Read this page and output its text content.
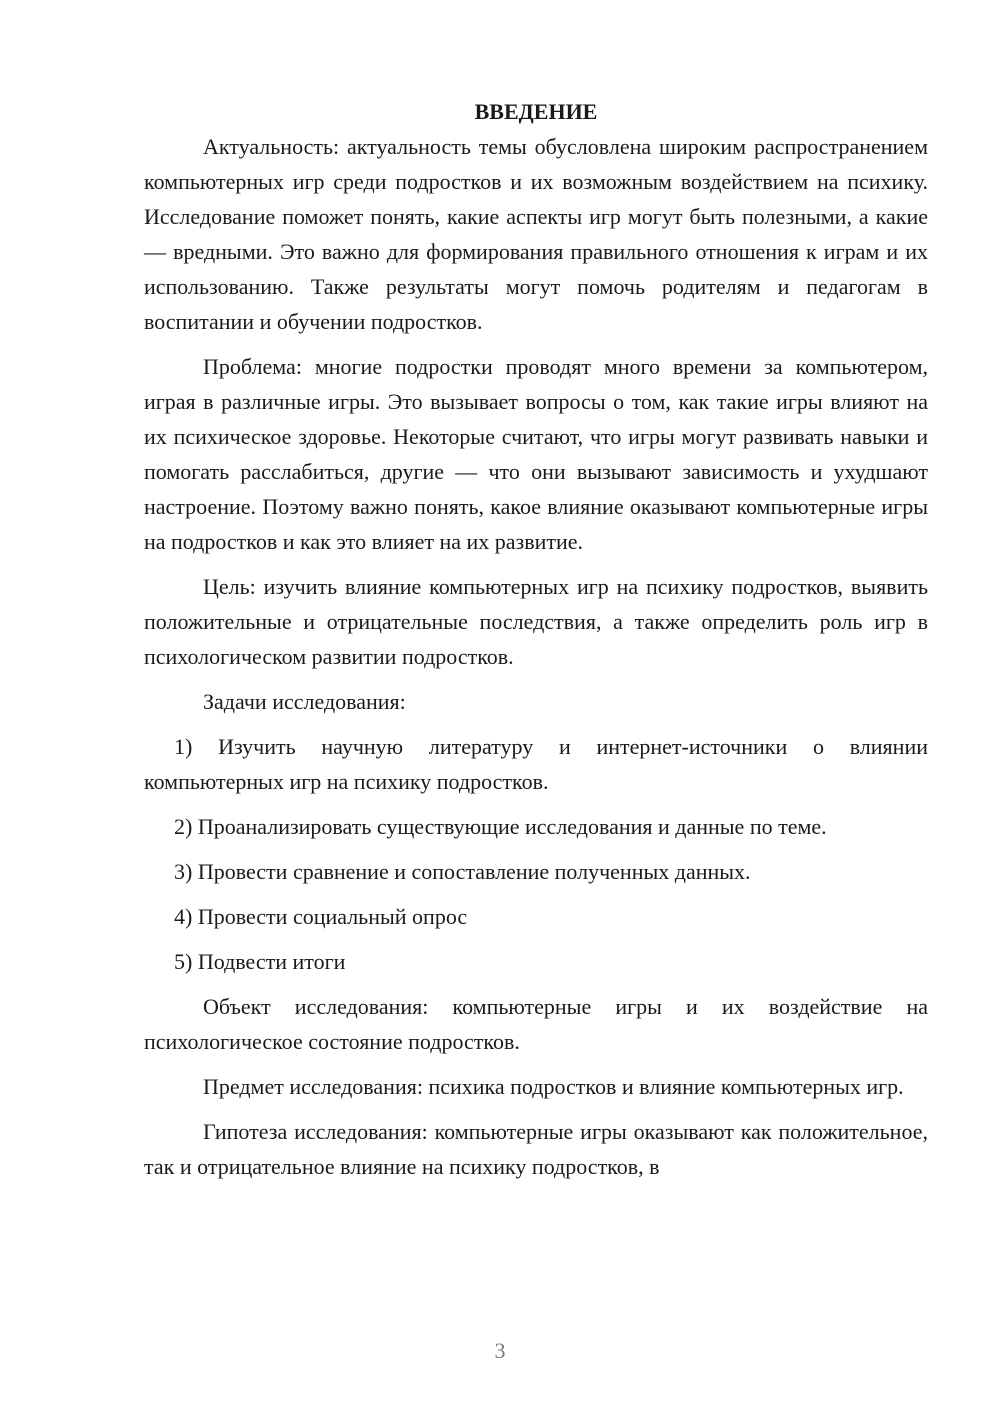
ВВЕДЕНИЕ

Актуальность: актуальность темы обусловлена широким распространением компьютерных игр среди подростков и их возможным воздействием на психику. Исследование поможет понять, какие аспекты игр могут быть полезными, а какие — вредными. Это важно для формирования правильного отношения к играм и их использованию. Также результаты могут помочь родителям и педагогам в воспитании и обучении подростков.

Проблема: многие подростки проводят много времени за компьютером, играя в различные игры. Это вызывает вопросы о том, как такие игры влияют на их психическое здоровье. Некоторые считают, что игры могут развивать навыки и помогать расслабиться, другие — что они вызывают зависимость и ухудшают настроение. Поэтому важно понять, какое влияние оказывают компьютерные игры на подростков и как это влияет на их развитие.

Цель: изучить влияние компьютерных игр на психику подростков, выявить положительные и отрицательные последствия, а также определить роль игр в психологическом развитии подростков.

Задачи исследования:

1) Изучить научную литературу и интернет-источники о влиянии компьютерных игр на психику подростков.

2) Проанализировать существующие исследования и данные по теме.

3) Провести сравнение и сопоставление полученных данных.

4) Провести социальный опрос

5) Подвести итоги

Объект исследования: компьютерные игры и их воздействие на психологическое состояние подростков.

Предмет исследования: психика подростков и влияние компьютерных игр.

Гипотеза исследования: компьютерные игры оказывают как положительное, так и отрицательное влияние на психику подростков, в

3
